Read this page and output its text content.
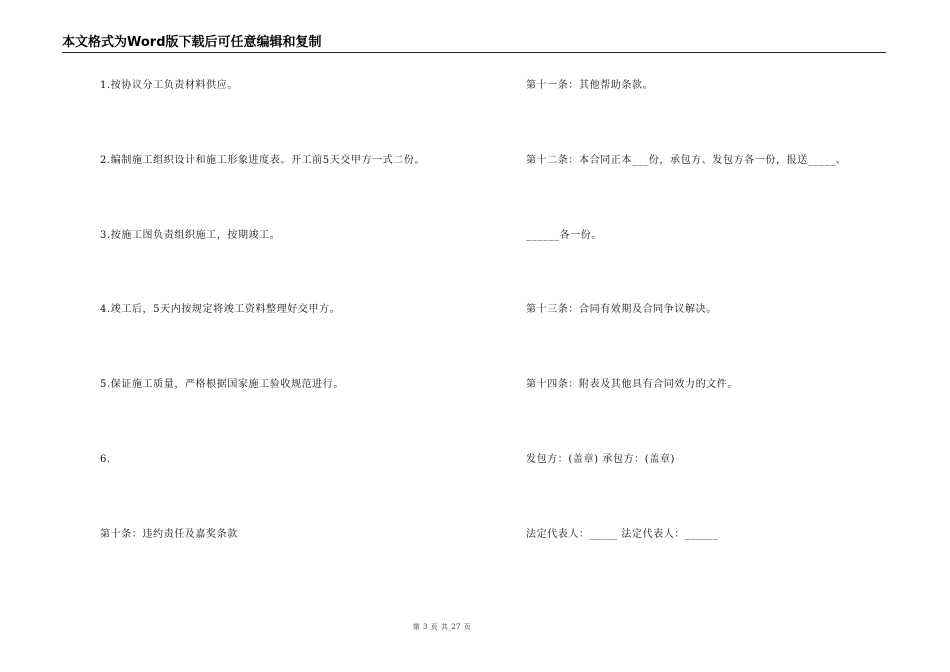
本文格式为Word版下载后可任意编辑和复制
1.按协议分工负责材料供应。
2.编制施工组织设计和施工形象进度表。开工前5天交甲方一式二份。
3.按施工图负责组织施工，按期竣工。
4.竣工后，5天内按规定将竣工资料整理好交甲方。
5.保证施工质量，严格根据国家施工验收规范进行。
6.
第十条：违约责任及嘉奖条款
第十一条：其他帮助条款。
第十二条：本合同正本___份，承包方、发包方各一份，报送_____、
______各一份。
第十三条：合同有效期及合同争议解决。
第十四条：附表及其他具有合同效力的文件。
发包方：(盖章) 承包方：(盖章)
法定代表人：_____ 法定代表人：______
第 3 页 共 27 页
